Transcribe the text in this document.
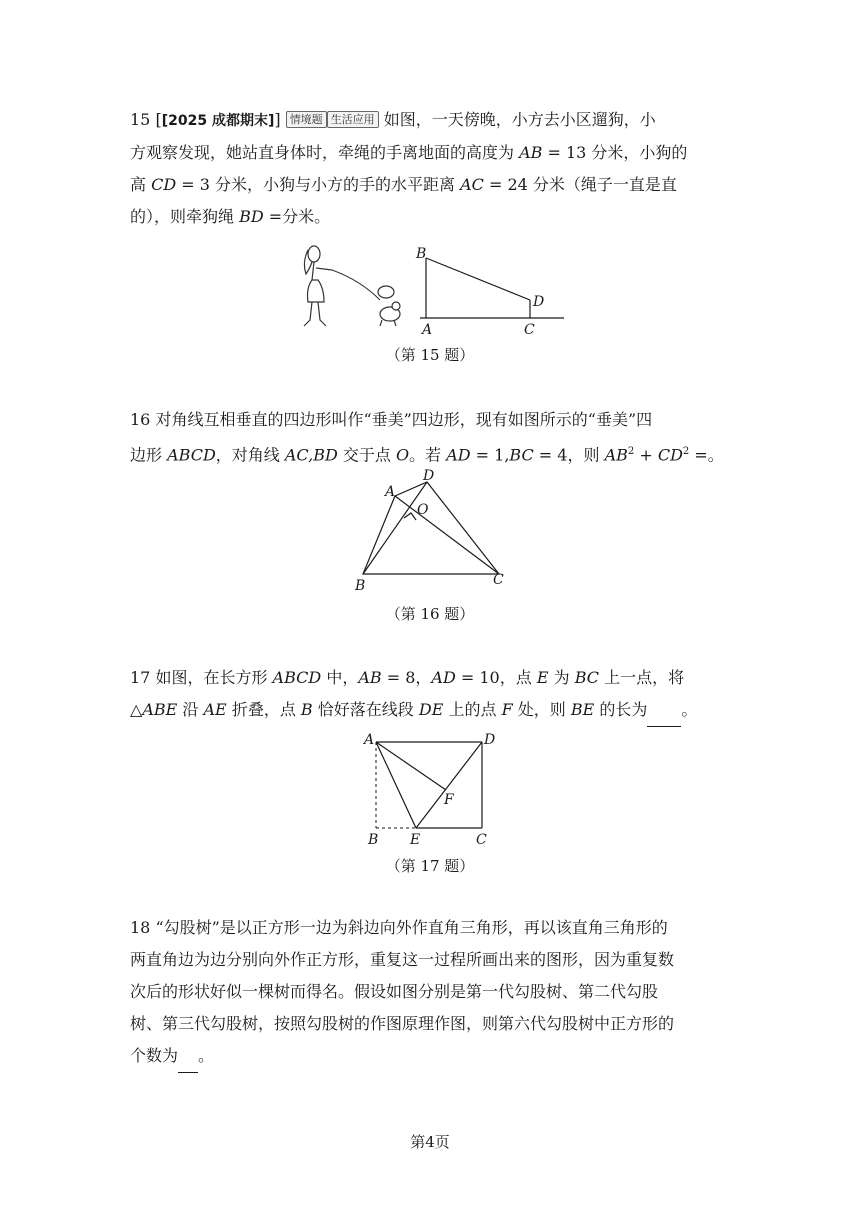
15 [[2025 成都期末]] 情境题 生活应用 如图，一天傍晚，小方去小区遛狗，小
方观察发现，她站直身体时，牵绳的手离地面的高度为 AB = 13 分米，小狗的
高 CD = 3 分米，小狗与小方的手的水平距离 AC = 24 分米（绳子一直是直
的），则牵狗绳 BD =分米。
B
D
A	C
（第 15 题）
16 对角线互相垂直的四边形叫作“垂美”四边形，现有如图所示的“垂美”四
边形 ABCD，对角线 AC,BD 交于点 O。若 AD = 1,BC = 4，则 $AB^2 + CD^2$ =。
A
D
O
B	C
（第 16 题）
17 如图，在长方形 ABCD 中，AB = 8，AD = 10，点 E 为 BC 上一点，将
△ABE 沿 AE 折叠，点 B 恰好落在线段 DE 上的点 F 处，则 BE 的长为 。
A	D
F
B E	C
（第 17 题）
18 “勾股树”是以正方形一边为斜边向外作直角三角形，再以该直角三角形的
两直角边为边分别向外作正方形，重复这一过程所画出来的图形，因为重复数
次后的形状好似一棵树而得名。假设如图分别是第一代勾股树、第二代勾股
树、第三代勾股树，按照勾股树的作图原理作图，则第六代勾股树中正方形的
个数为 。
第4页
